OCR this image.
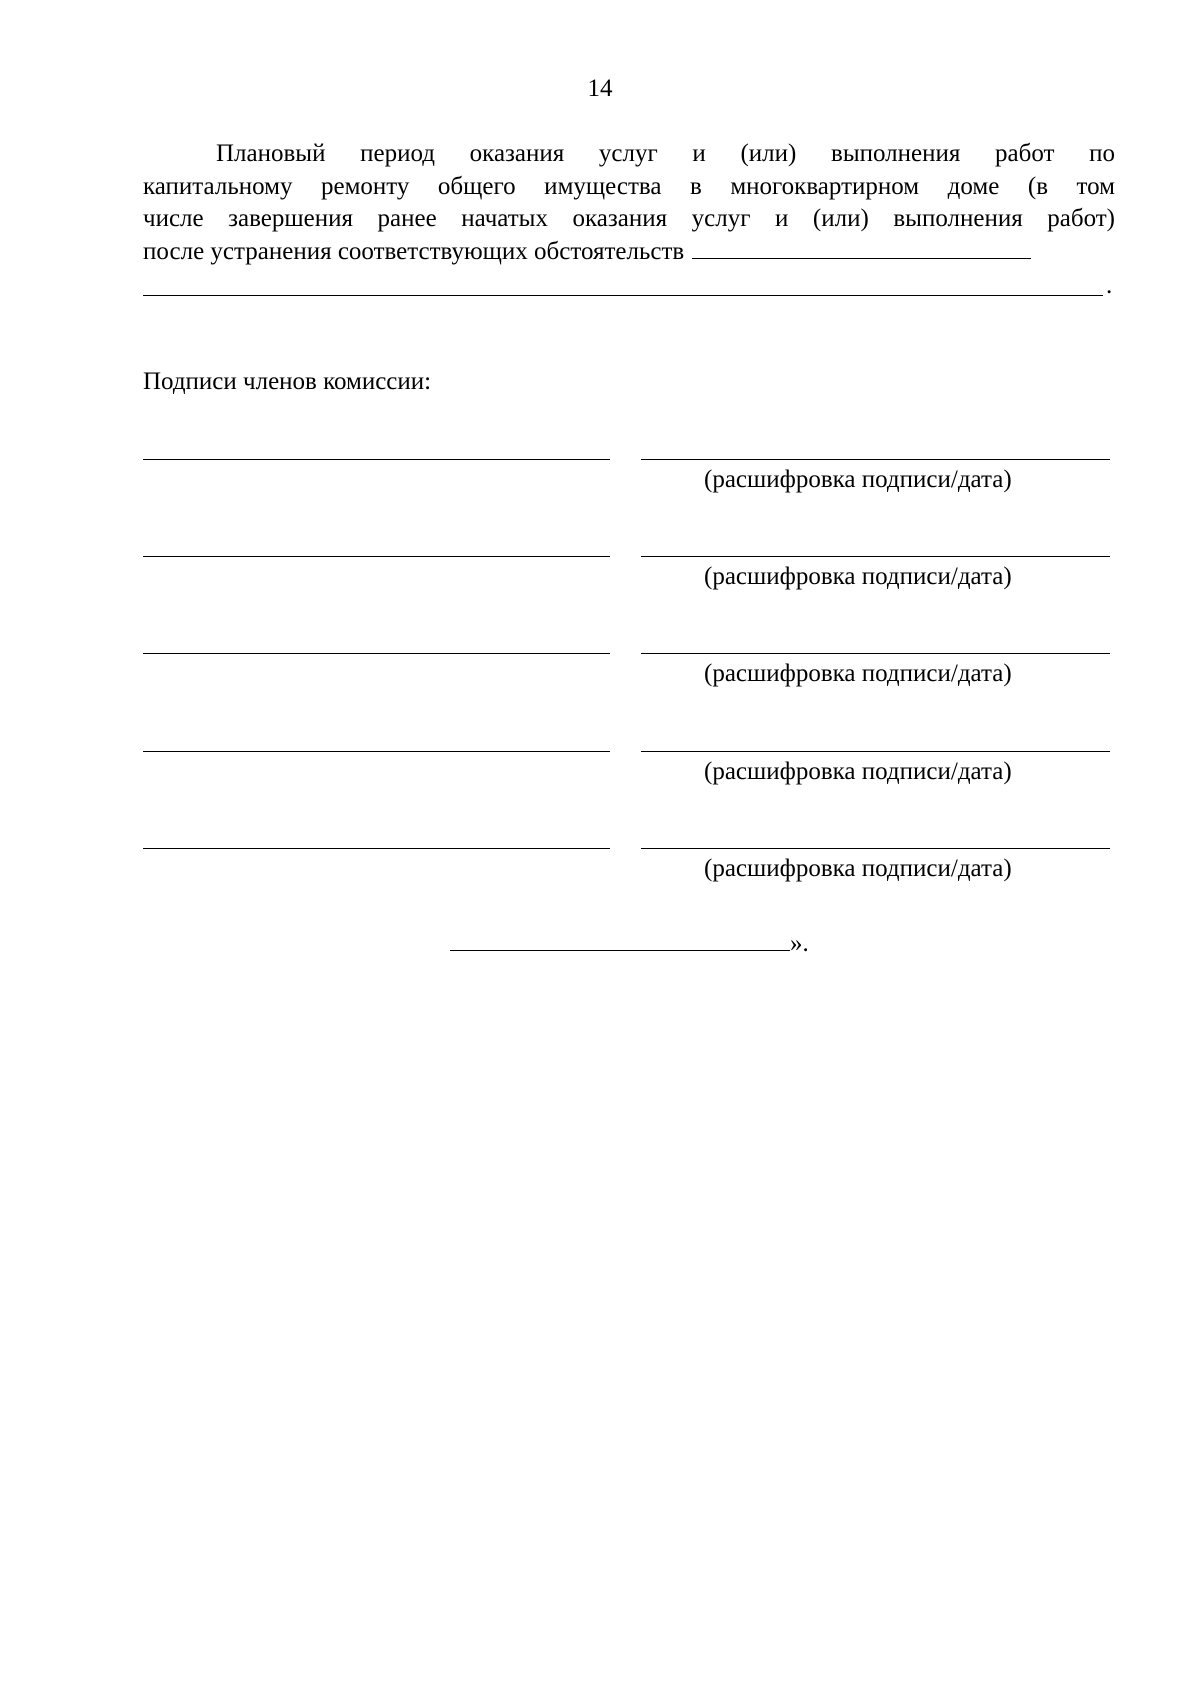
14
Плановый период оказания услуг и (или) выполнения работ по
капитальному ремонту общего имущества в многоквартирном доме (в том
числе завершения ранее начатых оказания услуг и (или) выполнения работ)
после устранения соответствующих обстоятельств
.
Подписи членов комиссии:
(расшифровка подписи/дата)
(расшифровка подписи/дата)
(расшифровка подписи/дата)
(расшифровка подписи/дата)
(расшифровка подписи/дата)
».
